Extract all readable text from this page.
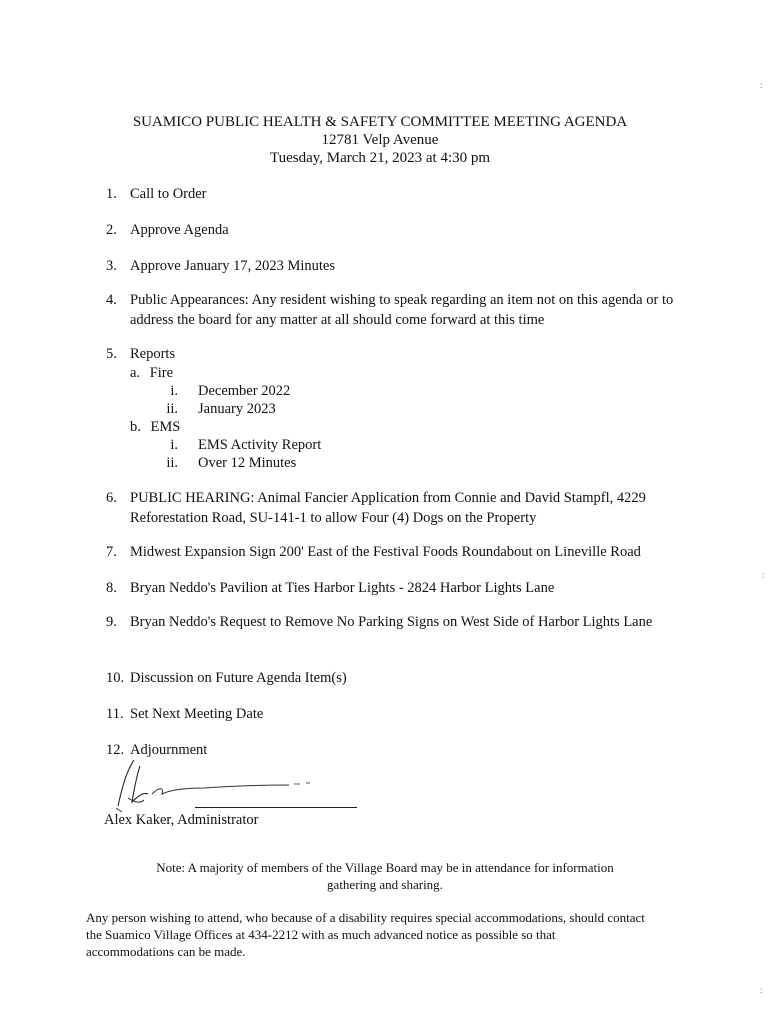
SUAMICO PUBLIC HEALTH & SAFETY COMMITTEE MEETING AGENDA
12781 Velp Avenue
Tuesday, March 21, 2023 at 4:30 pm
1. Call to Order
2. Approve Agenda
3. Approve January 17, 2023 Minutes
4. Public Appearances: Any resident wishing to speak regarding an item not on this agenda or to address the board for any matter at all should come forward at this time
5. Reports
a. Fire
i. December 2022
ii. January 2023
b. EMS
i. EMS Activity Report
ii. Over 12 Minutes
6. PUBLIC HEARING: Animal Fancier Application from Connie and David Stampfl, 4229 Reforestation Road, SU-141-1 to allow Four (4) Dogs on the Property
7. Midwest Expansion Sign 200' East of the Festival Foods Roundabout on Lineville Road
8. Bryan Neddo's Pavilion at Ties Harbor Lights - 2824 Harbor Lights Lane
9. Bryan Neddo's Request to Remove No Parking Signs on West Side of Harbor Lights Lane
10. Discussion on Future Agenda Item(s)
11. Set Next Meeting Date
12. Adjournment
Alex Kaker, Administrator
Note: A majority of members of the Village Board may be in attendance for information gathering and sharing.
Any person wishing to attend, who because of a disability requires special accommodations, should contact the Suamico Village Offices at 434-2212 with as much advanced notice as possible so that accommodations can be made.
:
:
:
